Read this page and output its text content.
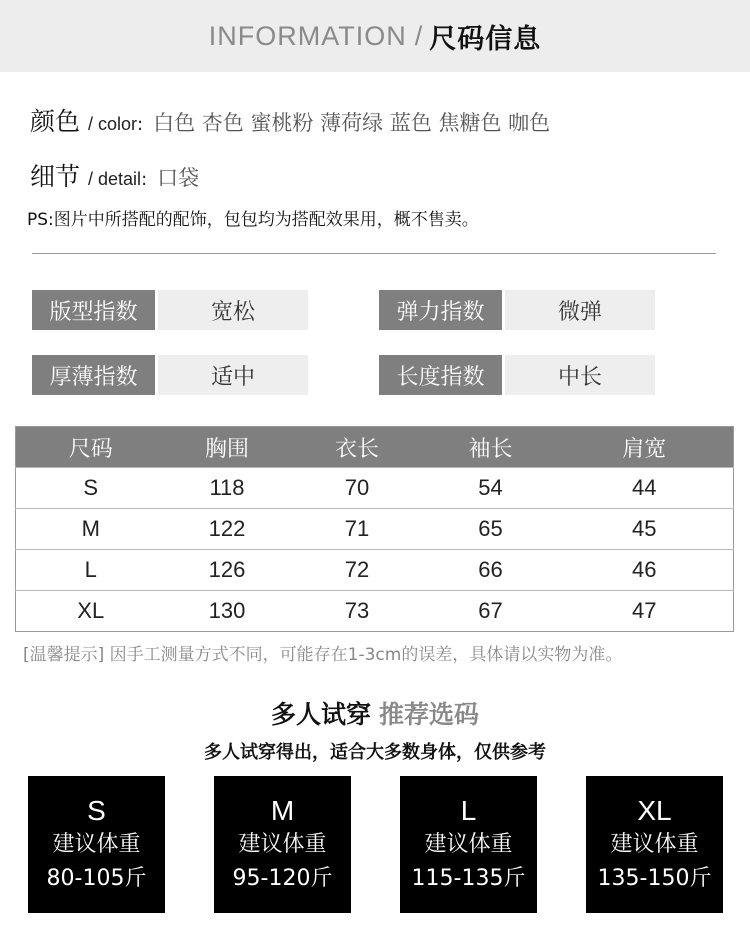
INFORMATION / 尺码信息
颜色 / color : 白色 杏色 蜜桃粉 薄荷绿 蓝色 焦糖色 咖色
细节 / detail : 口袋
PS:图片中所搭配的配饰，包包均为搭配效果用，概不售卖。
版型指数	宽松	弹力指数	微弹
厚薄指数	适中	长度指数	中长
尺码	胸围	衣长	袖长	肩宽
S	118	70	54	44
M	122	71	65	45
L	126	72	66	46
XL	130	73	67	47
[温馨提示] 因手工测量方式不同，可能存在1-3cm的误差，具体请以实物为准。
多人试穿 推荐选码
多人试穿得出，适合大多数身体，仅供参考
S
建议体重
80-105斤
M
建议体重
95-120斤
L
建议体重
115-135斤
XL
建议体重
135-150斤
